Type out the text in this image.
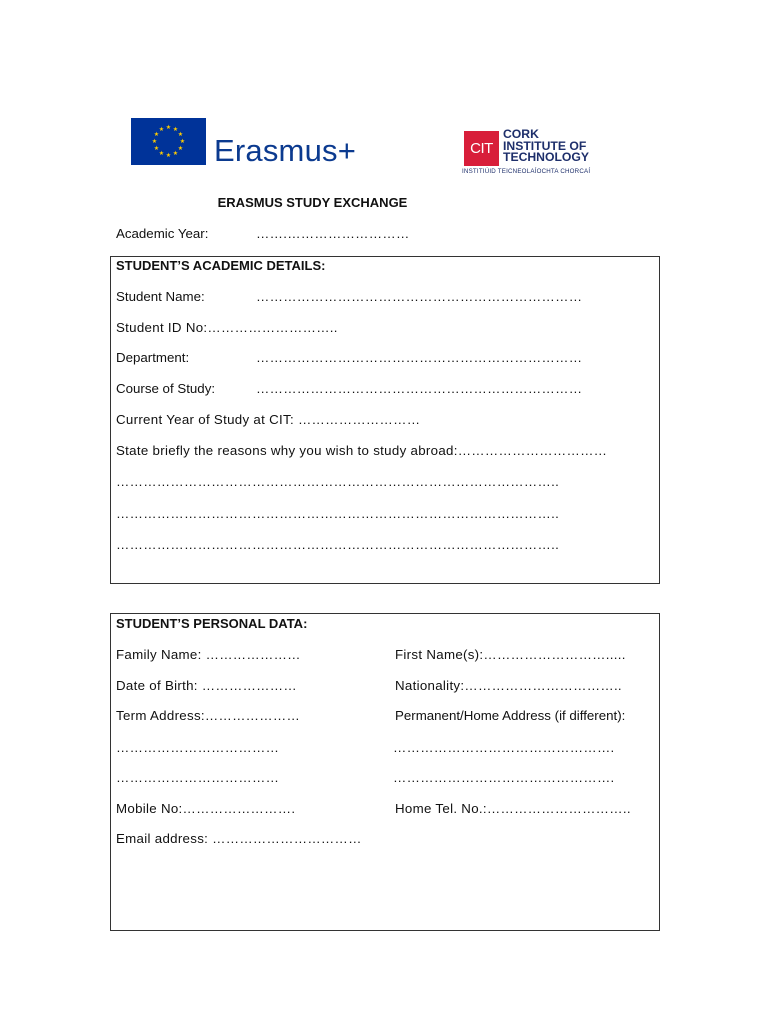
★ ★
★
★
★
★
★
★
★
★
★
★
Erasmus+	CIT
CORK
INSTITUTE OF
TECHNOLOGY
INSTITIÚID TEICNEOLAÍOCHTA CHORCAÍ
ERASMUS STUDY EXCHANGE
Academic Year:	…….………………………
STUDENT’S ACADEMIC DETAILS:
Student Name:	………………………………………………………………
Student ID No:………………………..
Department:	………………………………………………………………
Course of Study:	………………………………………………………………
Current Year of Study at CIT: ………………………
State briefly the reasons why you wish to study abroad:……………………………
……………………………………………………………………………………..
……………………………………………………………………………………..
……………………………………………………………………………………..
STUDENT’S PERSONAL DATA:
Family Name: …………………	First Name(s):……………………….....
Date of Birth: …………………	Nationality:……………………………..
Term Address:…………………	Permanent/Home Address (if different):
………………………………	………………………………………….
………………………………	………………………………………….
Mobile No:…………………….	Home Tel. No.:…………………………..
Email address: ……………………………
